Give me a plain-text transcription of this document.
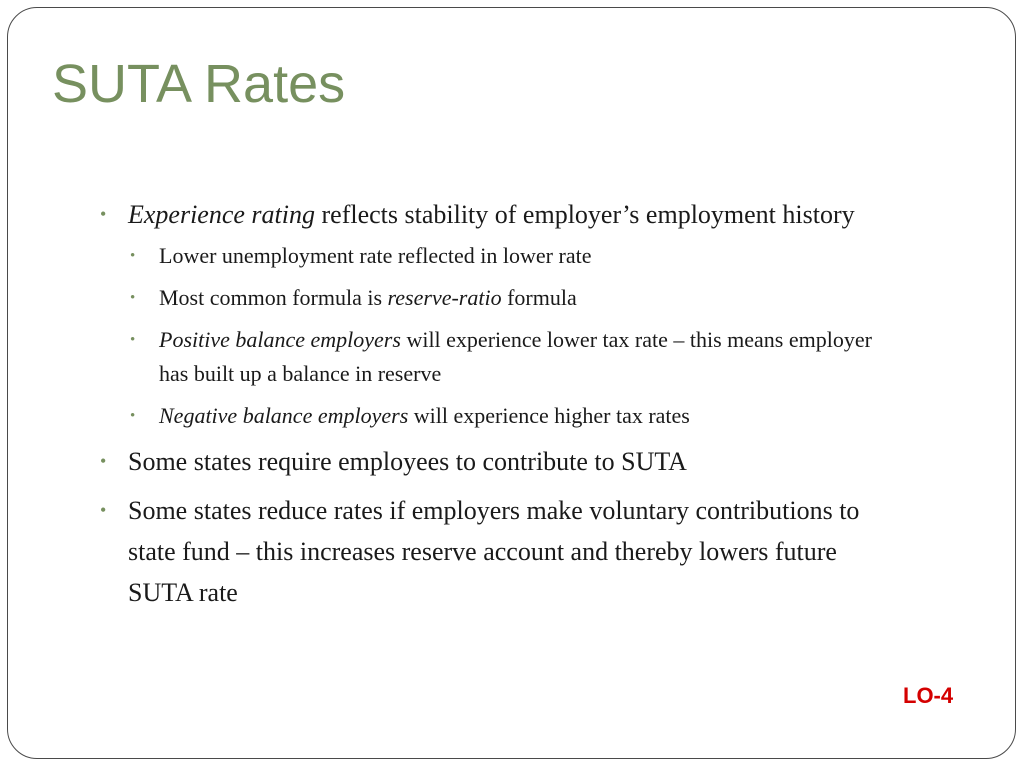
SUTA Rates
• Experience rating reflects stability of employer’s employment history
• Lower unemployment rate reflected in lower rate
• Most common formula is reserve-ratio formula
• Positive balance employers will experience lower tax rate – this means employer has built up a balance in reserve
• Negative balance employers will experience higher tax rates
• Some states require employees to contribute to SUTA
• Some states reduce rates if employers make voluntary contributions to state fund – this increases reserve account and thereby lowers future SUTA rate
LO-4
